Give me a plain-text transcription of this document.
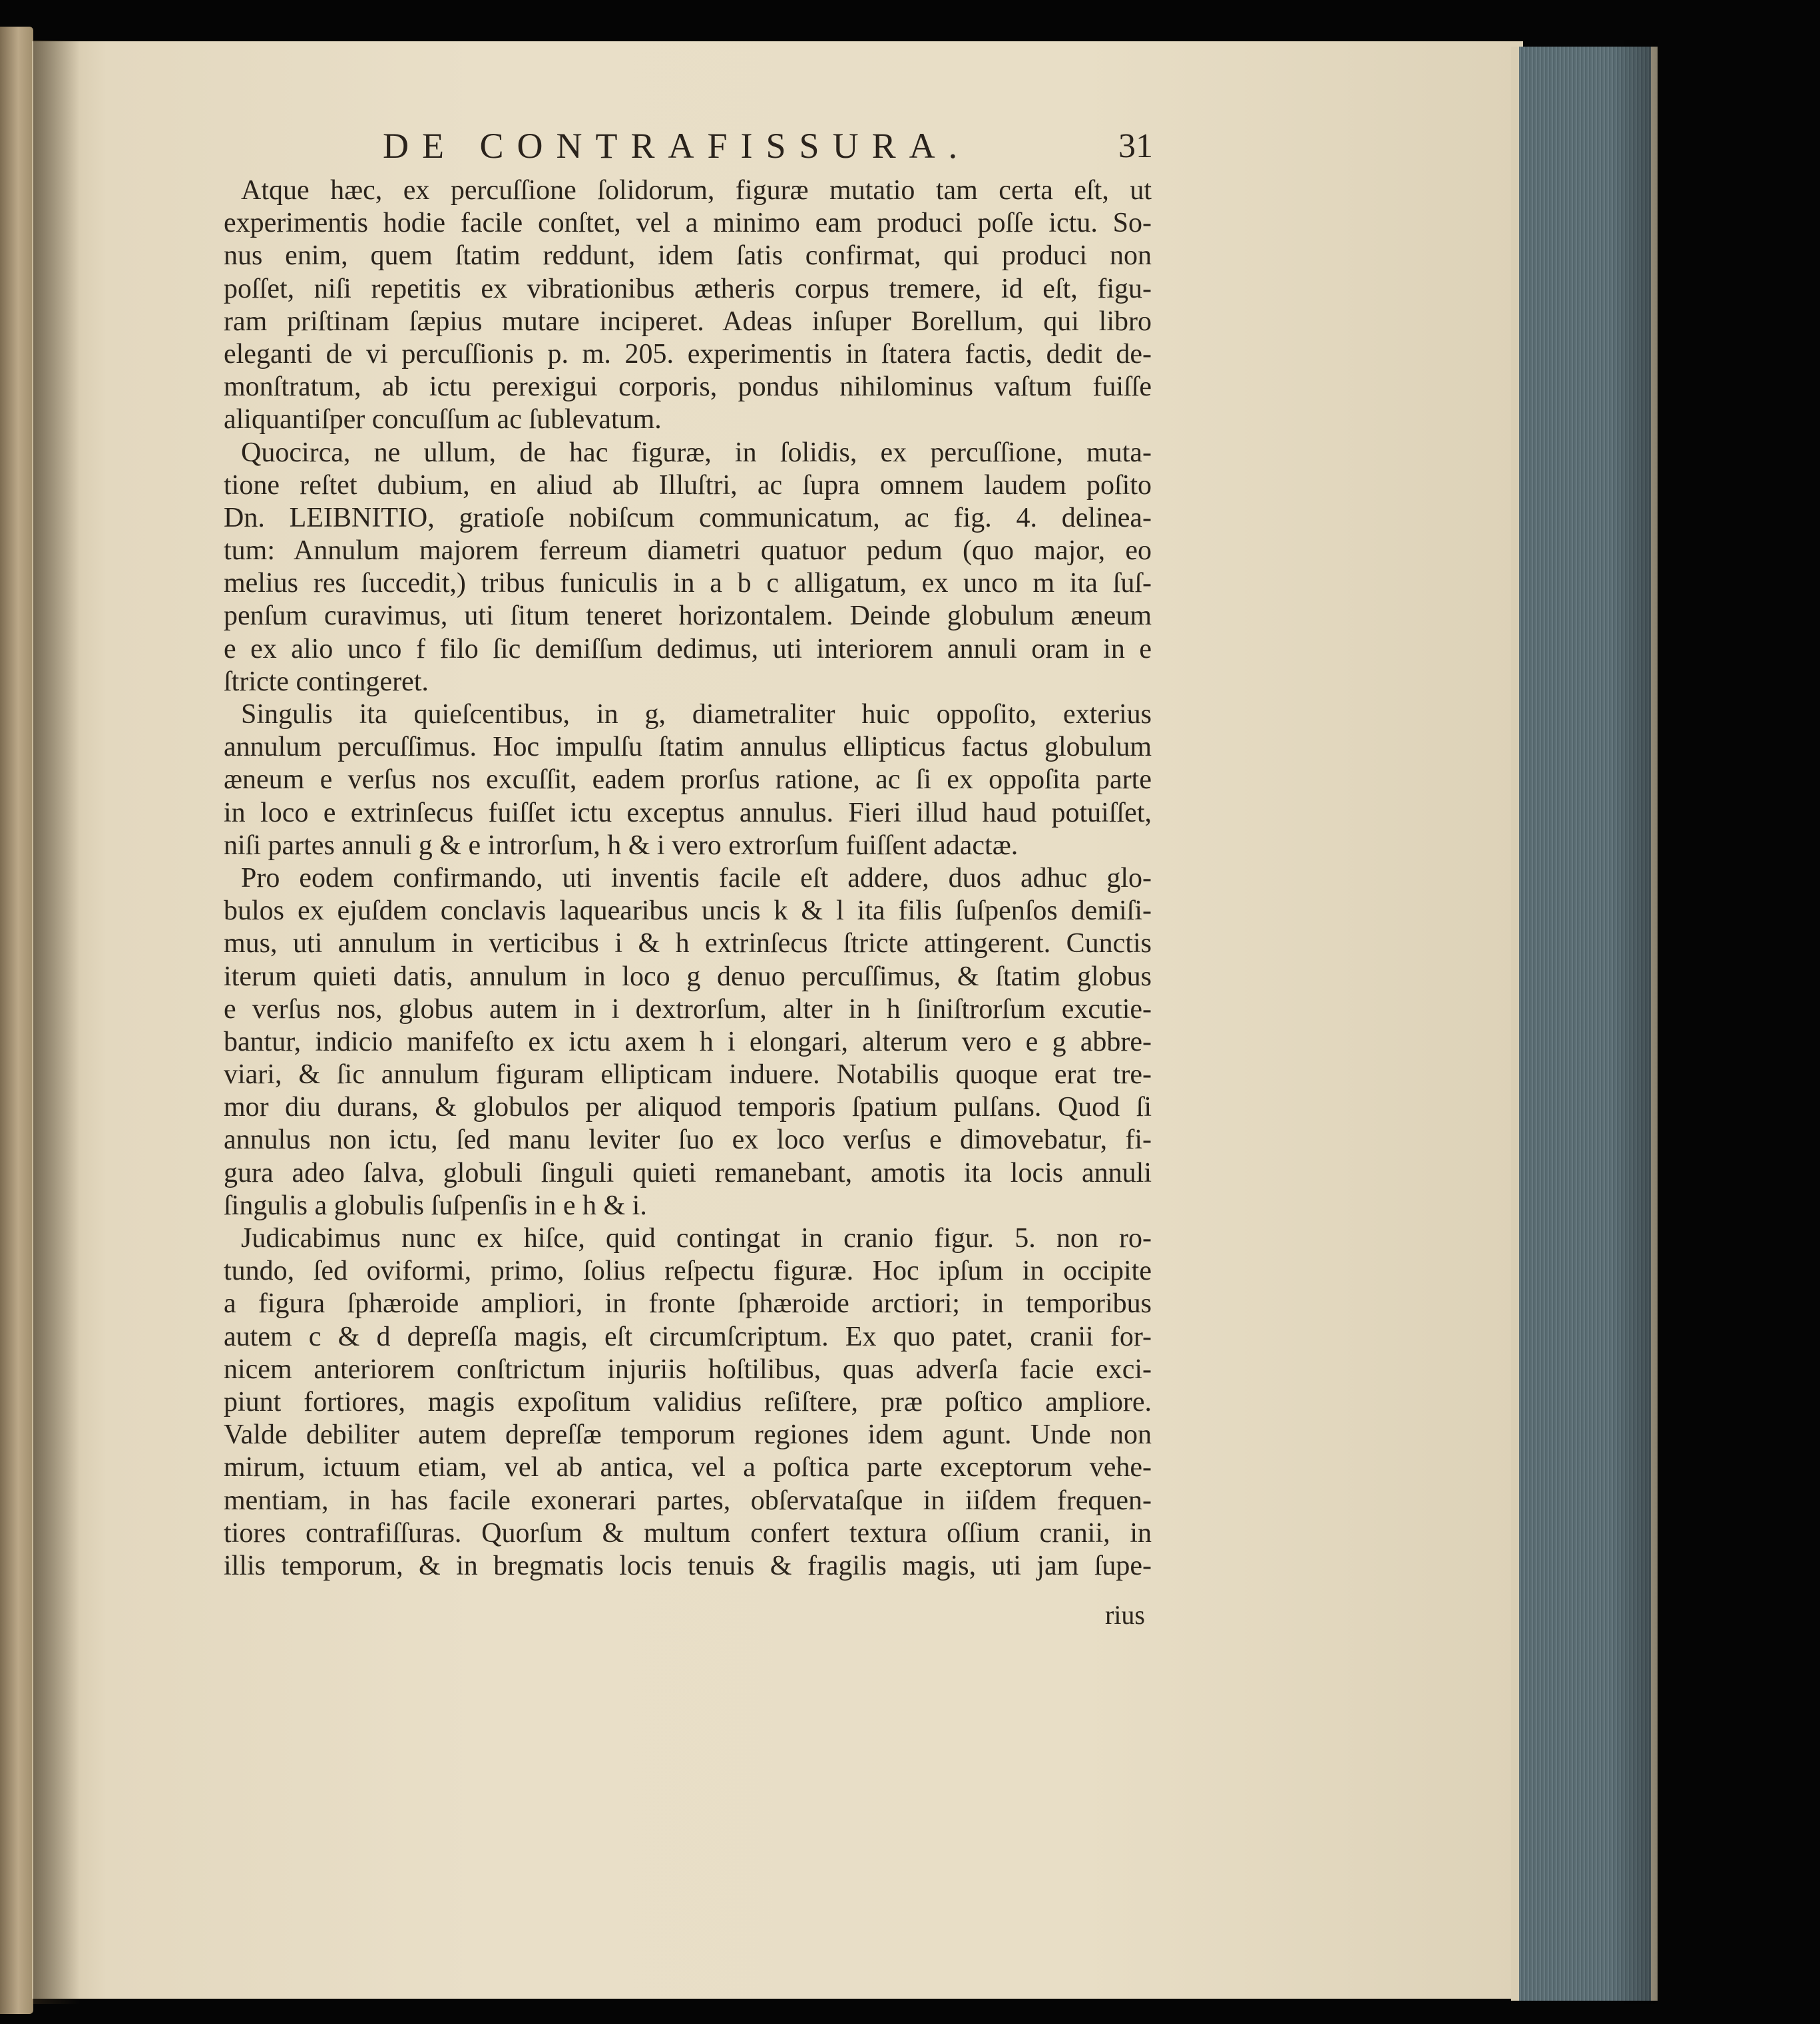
DE CONTRAFISSURA.	31
Atque hæc, ex percuſſione ſolidorum, figuræ mutatio tam certa eſt, ut
experimentis hodie facile conſtet, vel a minimo eam produci poſſe ictu. So-
nus enim, quem ſtatim reddunt, idem ſatis confirmat, qui produci non
poſſet, niſi repetitis ex vibrationibus ætheris corpus tremere, id eſt, figu-
ram priſtinam ſæpius mutare inciperet. Adeas inſuper Borellum, qui libro
eleganti de vi percuſſionis p. m. 205. experimentis in ſtatera factis, dedit de-
monſtratum, ab ictu perexigui corporis, pondus nihilominus vaſtum fuiſſe
aliquantiſper concuſſum ac ſublevatum.
Quocirca, ne ullum, de hac figuræ, in ſolidis, ex percuſſione, muta-
tione reſtet dubium, en aliud ab Illuſtri, ac ſupra omnem laudem poſito
Dn. LEIBNITIO, gratioſe nobiſcum communicatum, ac fig. 4. delinea-
tum: Annulum majorem ferreum diametri quatuor pedum (quo major, eo
melius res ſuccedit,) tribus funiculis in a b c alligatum, ex unco m ita ſuſ-
penſum curavimus, uti ſitum teneret horizontalem. Deinde globulum æneum
e ex alio unco f filo ſic demiſſum dedimus, uti interiorem annuli oram in e
ſtricte contingeret.
Singulis ita quieſcentibus, in g, diametraliter huic oppoſito, exterius
annulum percuſſimus. Hoc impulſu ſtatim annulus ellipticus factus globulum
æneum e verſus nos excuſſit, eadem prorſus ratione, ac ſi ex oppoſita parte
in loco e extrinſecus fuiſſet ictu exceptus annulus. Fieri illud haud potuiſſet,
niſi partes annuli g & e introrſum, h & i vero extrorſum fuiſſent adactæ.
Pro eodem confirmando, uti inventis facile eſt addere, duos adhuc glo-
bulos ex ejuſdem conclavis laquearibus uncis k & l ita filis ſuſpenſos demiſi-
mus, uti annulum in verticibus i & h extrinſecus ſtricte attingerent. Cunctis
iterum quieti datis, annulum in loco g denuo percuſſimus, & ſtatim globus
e verſus nos, globus autem in i dextrorſum, alter in h ſiniſtrorſum excutie-
bantur, indicio manifeſto ex ictu axem h i elongari, alterum vero e g abbre-
viari, & ſic annulum figuram ellipticam induere. Notabilis quoque erat tre-
mor diu durans, & globulos per aliquod temporis ſpatium pulſans. Quod ſi
annulus non ictu, ſed manu leviter ſuo ex loco verſus e dimovebatur, fi-
gura adeo ſalva, globuli ſinguli quieti remanebant, amotis ita locis annuli
ſingulis a globulis ſuſpenſis in e h & i.
Judicabimus nunc ex hiſce, quid contingat in cranio figur. 5. non ro-
tundo, ſed oviformi, primo, ſolius reſpectu figuræ. Hoc ipſum in occipite
a figura ſphæroide ampliori, in fronte ſphæroide arctiori; in temporibus
autem c & d depreſſa magis, eſt circumſcriptum. Ex quo patet, cranii for-
nicem anteriorem conſtrictum injuriis hoſtilibus, quas adverſa facie exci-
piunt fortiores, magis expoſitum validius reſiſtere, præ poſtico ampliore.
Valde debiliter autem depreſſæ temporum regiones idem agunt. Unde non
mirum, ictuum etiam, vel ab antica, vel a poſtica parte exceptorum vehe-
mentiam, in has facile exonerari partes, obſervataſque in iiſdem frequen-
tiores contrafiſſuras. Quorſum & multum confert textura oſſium cranii, in
illis temporum, & in bregmatis locis tenuis & fragilis magis, uti jam ſupe-
rius
